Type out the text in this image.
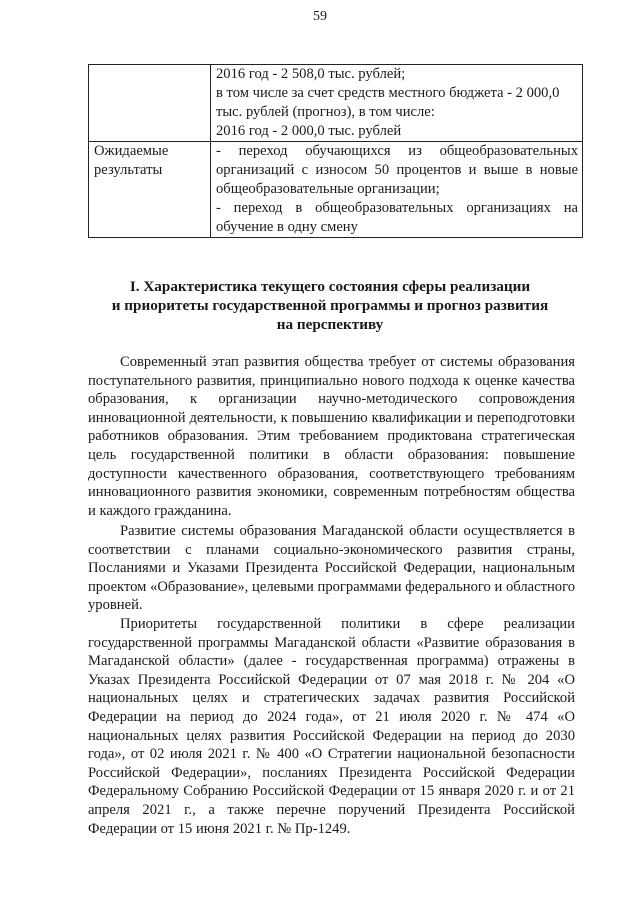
59

	2016 год - 2 508,0 тыс. рублей;
в том числе за счет средств местного бюджета - 2 000,0
тыс. рублей (прогноз), в том числе:
2016 год - 2 000,0 тыс. рублей

Ожидаемые результаты	- переход обучающихся из общеобразовательных организаций с износом 50 процентов и выше в новые общеобразовательные организации;
- переход в общеобразовательных организациях на обучение в одну смену
I. Характеристика текущего состояния сферы реализации
и приоритеты государственной программы и прогноз развития
на перспективу

Современный этап развития общества требует от системы образования поступательного развития, принципиально нового подхода к оценке качества образования, к организации научно-методического сопровождения инновационной деятельности, к повышению квалификации и переподготовки работников образования. Этим требованием продиктована стратегическая цель государственной политики в области образования: повышение доступности качественного образования, соответствующего требованиям инновационного развития экономики, современным потребностям общества и каждого гражданина.

Развитие системы образования Магаданской области осуществляется в соответствии с планами социально-экономического развития страны, Посланиями и Указами Президента Российской Федерации, национальным проектом «Образование», целевыми программами федерального и областного уровней.

Приоритеты государственной политики в сфере реализации государственной программы Магаданской области «Развитие образования в Магаданской области» (далее - государственная программа) отражены в Указах Президента Российской Федерации от 07 мая 2018 г. № 204 «О национальных целях и стратегических задачах развития Российской Федерации на период до 2024 года», от 21 июля 2020 г. № 474 «О национальных целях развития Российской Федерации на период до 2030 года», от 02 июля 2021 г. № 400 «О Стратегии национальной безопасности Российской Федерации», посланиях Президента Российской Федерации Федеральному Собранию Российской Федерации от 15 января 2020 г. и от 21 апреля 2021 г., а также перечне поручений Президента Российской Федерации от 15 июня 2021 г. № Пр-1249.
